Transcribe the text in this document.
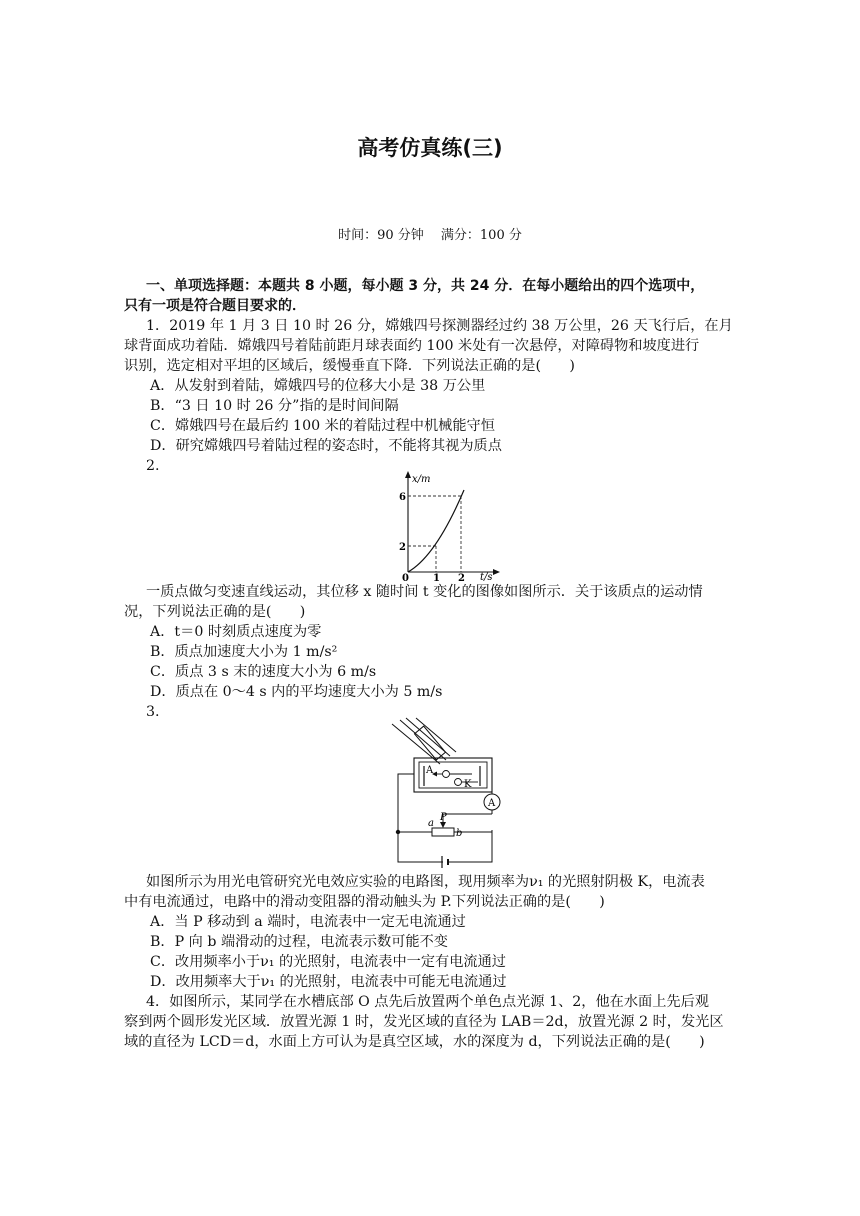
高考仿真练(三)
时间：90 分钟　 满分：100 分
一、单项选择题：本题共 8 小题，每小题 3 分，共 24 分．在每小题给出的四个选项中，
只有一项是符合题目要求的．
1．2019 年 1 月 3 日 10 时 26 分，嫦娥四号探测器经过约 38 万公里，26 天飞行后，在月
球背面成功着陆．嫦娥四号着陆前距月球表面约 100 米处有一次悬停，对障碍物和坡度进行
识别，选定相对平坦的区域后，缓慢垂直下降．下列说法正确的是(　　)
A．从发射到着陆，嫦娥四号的位移大小是 38 万公里
B．“3 日 10 时 26 分”指的是时间间隔
C．嫦娥四号在最后约 100 米的着陆过程中机械能守恒
D．研究嫦娥四号着陆过程的姿态时，不能将其视为质点
2.
x/m
t/s
0 1 2
2
6
一质点做匀变速直线运动，其位移 x 随时间 t 变化的图像如图所示．关于该质点的运动情
况，下列说法正确的是(　　)
A．t＝0 时刻质点速度为零
B．质点加速度大小为 1 m/s²
C．质点 3 s 末的速度大小为 6 m/s
D．质点在 0～4 s 内的平均速度大小为 5 m/s
3.
A
K
A
P
a
b
如图所示为用光电管研究光电效应实验的电路图，现用频率为ν₁ 的光照射阴极 K，电流表
中有电流通过，电路中的滑动变阻器的滑动触头为 P.下列说法正确的是(　　)
A．当 P 移动到 a 端时，电流表中一定无电流通过
B．P 向 b 端滑动的过程，电流表示数可能不变
C．改用频率小于ν₁ 的光照射，电流表中一定有电流通过
D．改用频率大于ν₁ 的光照射，电流表中可能无电流通过
4．如图所示，某同学在水槽底部 O 点先后放置两个单色点光源 1、2，他在水面上先后观
察到两个圆形发光区域．放置光源 1 时，发光区域的直径为 LAB＝2d，放置光源 2 时，发光区
域的直径为 LCD＝d，水面上方可认为是真空区域，水的深度为 d，下列说法正确的是(　　)
